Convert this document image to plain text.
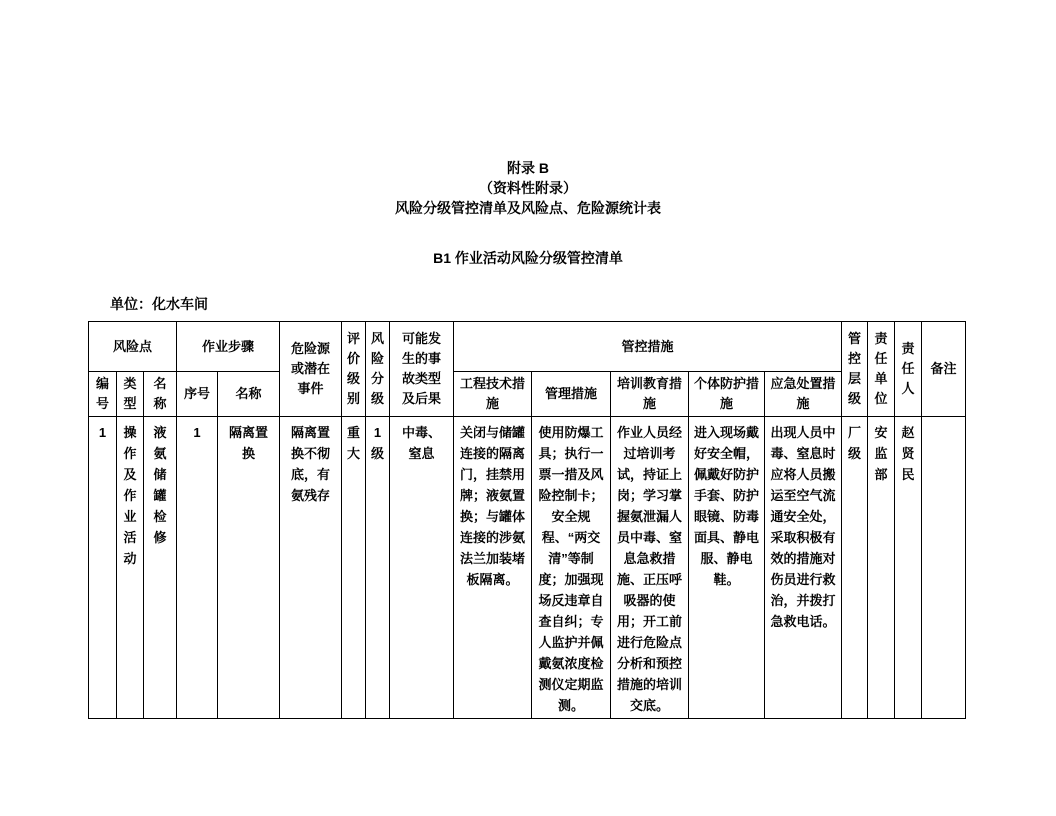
附录 B
（资料性附录）
风险分级管控清单及风险点、危险源统计表
B1 作业活动风险分级管控清单
单位：化水车间
风险点			作业步骤		危险源或潜在事件	评价级别	风险分级	可能发生的事故类型及后果	管控措施					管控层级	责任单位	责任人	备注
编号	类型	名称	序号	名称					工程技术措施	管理措施	培训教育措施	个体防护措施	应急处置措施				
1	操作及作业活动	液氨储罐检修	1	隔离置换	隔离置换不彻底，有氨残存	重大	1级	中毒、窒息	关闭与储罐连接的隔离门，挂禁用牌；液氨置换；与罐体连接的涉氨法兰加装堵板隔离。	使用防爆工具；执行一票一措及风险控制卡；安全规程、“两交清”等制度；加强现场反违章自查自纠；专人监护并佩戴氨浓度检测仪定期监测。	作业人员经过培训考试，持证上岗；学习掌握氨泄漏人员中毒、窒息急救措施、正压呼吸器的使用；开工前进行危险点分析和预控措施的培训交底。	进入现场戴好安全帽，佩戴好防护手套、防护眼镜、防毒面具、静电服、静电鞋。	出现人员中毒、窒息时应将人员搬运至空气流通安全处，采取积极有效的措施对伤员进行救治，并拨打急救电话。	厂级	安监部	赵贤民	
